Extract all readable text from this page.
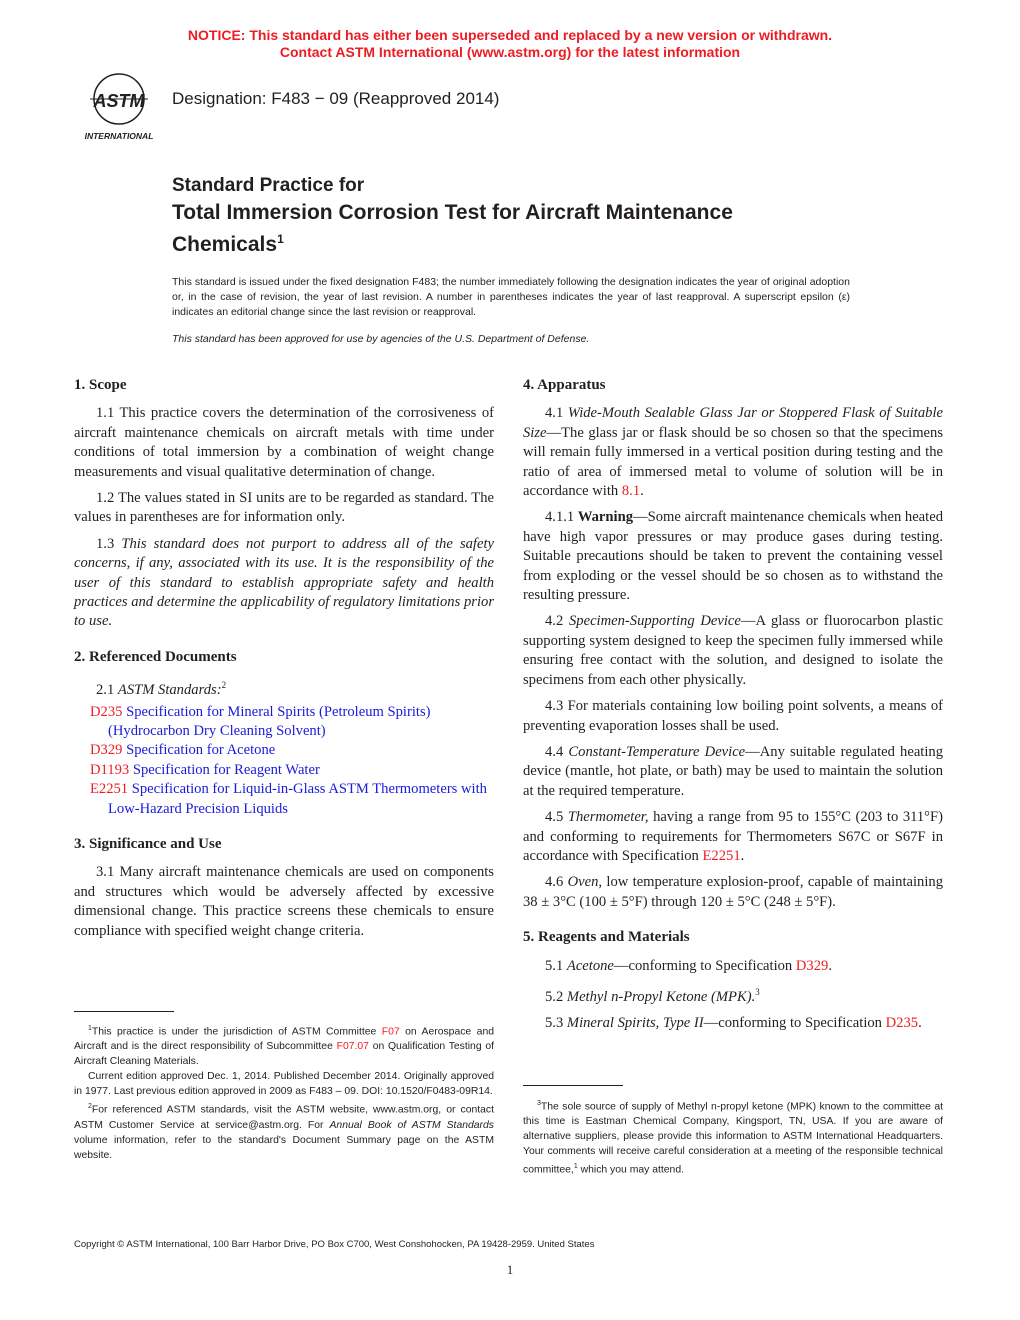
NOTICE: This standard has either been superseded and replaced by a new version or withdrawn.
Contact ASTM International (www.astm.org) for the latest information
ASTM
INTERNATIONAL
Designation: F483 − 09 (Reapproved 2014)
Standard Practice for
Total Immersion Corrosion Test for Aircraft Maintenance
Chemicals$^1$

This standard is issued under the fixed designation F483; the number immediately following the designation indicates the year of original adoption or, in the case of revision, the year of last revision. A number in parentheses indicates the year of last reapproval. A superscript epsilon (ε) indicates an editorial change since the last revision or reapproval.

This standard has been approved for use by agencies of the U.S. Department of Defense.

1. Scope

1.1 This practice covers the determination of the corrosiveness of aircraft maintenance chemicals on aircraft metals with time under conditions of total immersion by a combination of weight change measurements and visual qualitative determination of change.

1.2 The values stated in SI units are to be regarded as standard. The values in parentheses are for information only.

1.3 This standard does not purport to address all of the safety concerns, if any, associated with its use. It is the responsibility of the user of this standard to establish appropriate safety and health practices and determine the applicability of regulatory limitations prior to use.

2. Referenced Documents

2.1 ASTM Standards:$^2$

D235 Specification for Mineral Spirits (Petroleum Spirits) (Hydrocarbon Dry Cleaning Solvent)

D329 Specification for Acetone

D1193 Specification for Reagent Water

E2251 Specification for Liquid-in-Glass ASTM Thermometers with Low-Hazard Precision Liquids

3. Significance and Use

3.1 Many aircraft maintenance chemicals are used on components and structures which would be adversely affected by excessive dimensional change. This practice screens these chemicals to ensure compliance with specified weight change criteria.

4. Apparatus

4.1 Wide-Mouth Sealable Glass Jar or Stoppered Flask of Suitable Size—The glass jar or flask should be so chosen so that the specimens will remain fully immersed in a vertical position during testing and the ratio of area of immersed metal to volume of solution will be in accordance with 8.1.

4.1.1 Warning—Some aircraft maintenance chemicals when heated have high vapor pressures or may produce gases during testing. Suitable precautions should be taken to prevent the containing vessel from exploding or the vessel should be so chosen as to withstand the resulting pressure.

4.2 Specimen-Supporting Device—A glass or fluorocarbon plastic supporting system designed to keep the specimen fully immersed while ensuring free contact with the solution, and designed to isolate the specimens from each other physically.

4.3 For materials containing low boiling point solvents, a means of preventing evaporation losses shall be used.

4.4 Constant-Temperature Device—Any suitable regulated heating device (mantle, hot plate, or bath) may be used to maintain the solution at the required temperature.

4.5 Thermometer, having a range from 95 to 155°C (203 to 311°F) and conforming to requirements for Thermometers S67C or S67F in accordance with Specification E2251.

4.6 Oven, low temperature explosion-proof, capable of maintaining 38 ± 3°C (100 ± 5°F) through 120 ± 5°C (248 ± 5°F).

5. Reagents and Materials

5.1 Acetone—conforming to Specification D329.

5.2 Methyl n-Propyl Ketone (MPK).$^3$

5.3 Mineral Spirits, Type II—conforming to Specification D235.

$^1$This practice is under the jurisdiction of ASTM Committee F07 on Aerospace and Aircraft and is the direct responsibility of Subcommittee F07.07 on Qualification Testing of Aircraft Cleaning Materials.

Current edition approved Dec. 1, 2014. Published December 2014. Originally approved in 1977. Last previous edition approved in 2009 as F483 – 09. DOI: 10.1520/F0483-09R14.

$^2$For referenced ASTM standards, visit the ASTM website, www.astm.org, or contact ASTM Customer Service at service@astm.org. For Annual Book of ASTM Standards volume information, refer to the standard's Document Summary page on the ASTM website.

$^3$The sole source of supply of Methyl n-propyl ketone (MPK) known to the committee at this time is Eastman Chemical Company, Kingsport, TN, USA. If you are aware of alternative suppliers, please provide this information to ASTM International Headquarters. Your comments will receive careful consideration at a meeting of the responsible technical committee,$^1$ which you may attend.

Copyright © ASTM International, 100 Barr Harbor Drive, PO Box C700, West Conshohocken, PA 19428-2959. United States
1
